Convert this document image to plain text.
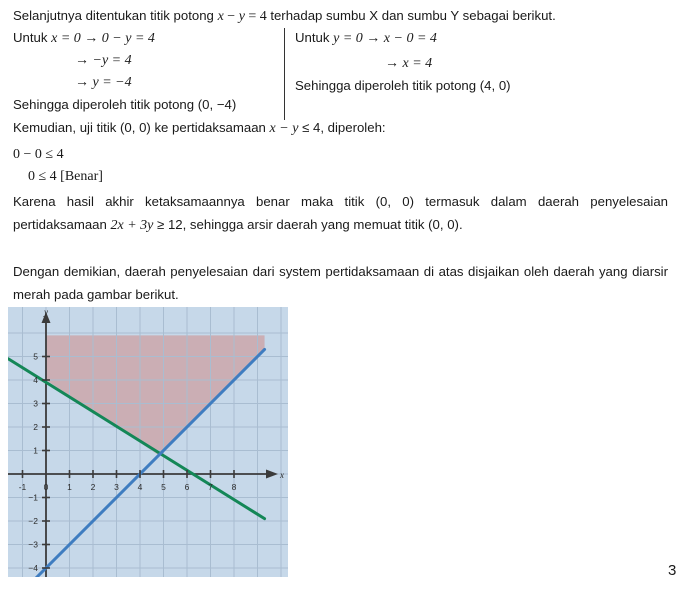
Selanjutnya ditentukan titik potong x − y = 4 terhadap sumbu X dan sumbu Y sebagai berikut.
Untuk x = 0 → 0 − y = 4
→ −y = 4
→ y = −4
Sehingga diperoleh titik potong (0, −4)
Untuk y = 0 → x − 0 = 4
→ x = 4
Sehingga diperoleh titik potong (4, 0)
Kemudian, uji titik (0, 0) ke pertidaksamaan x − y ≤ 4, diperoleh:
0 − 0 ≤ 4
0 ≤ 4 [Benar]
Karena hasil akhir ketaksamaannya benar maka titik (0, 0) termasuk dalam daerah penyelesaian pertidaksamaan 2x + 3y ≥ 12, sehingga arsir daerah yang memuat titik (0, 0).
Dengan demikian, daerah penyelesaian dari system pertidaksamaan di atas disjaikan oleh daerah yang diarsir merah pada gambar berikut.
-1 0 1 2 3 4 5 6 7 8
5
4
3
2
1
−1
−2
−3
−4
x
y
3
